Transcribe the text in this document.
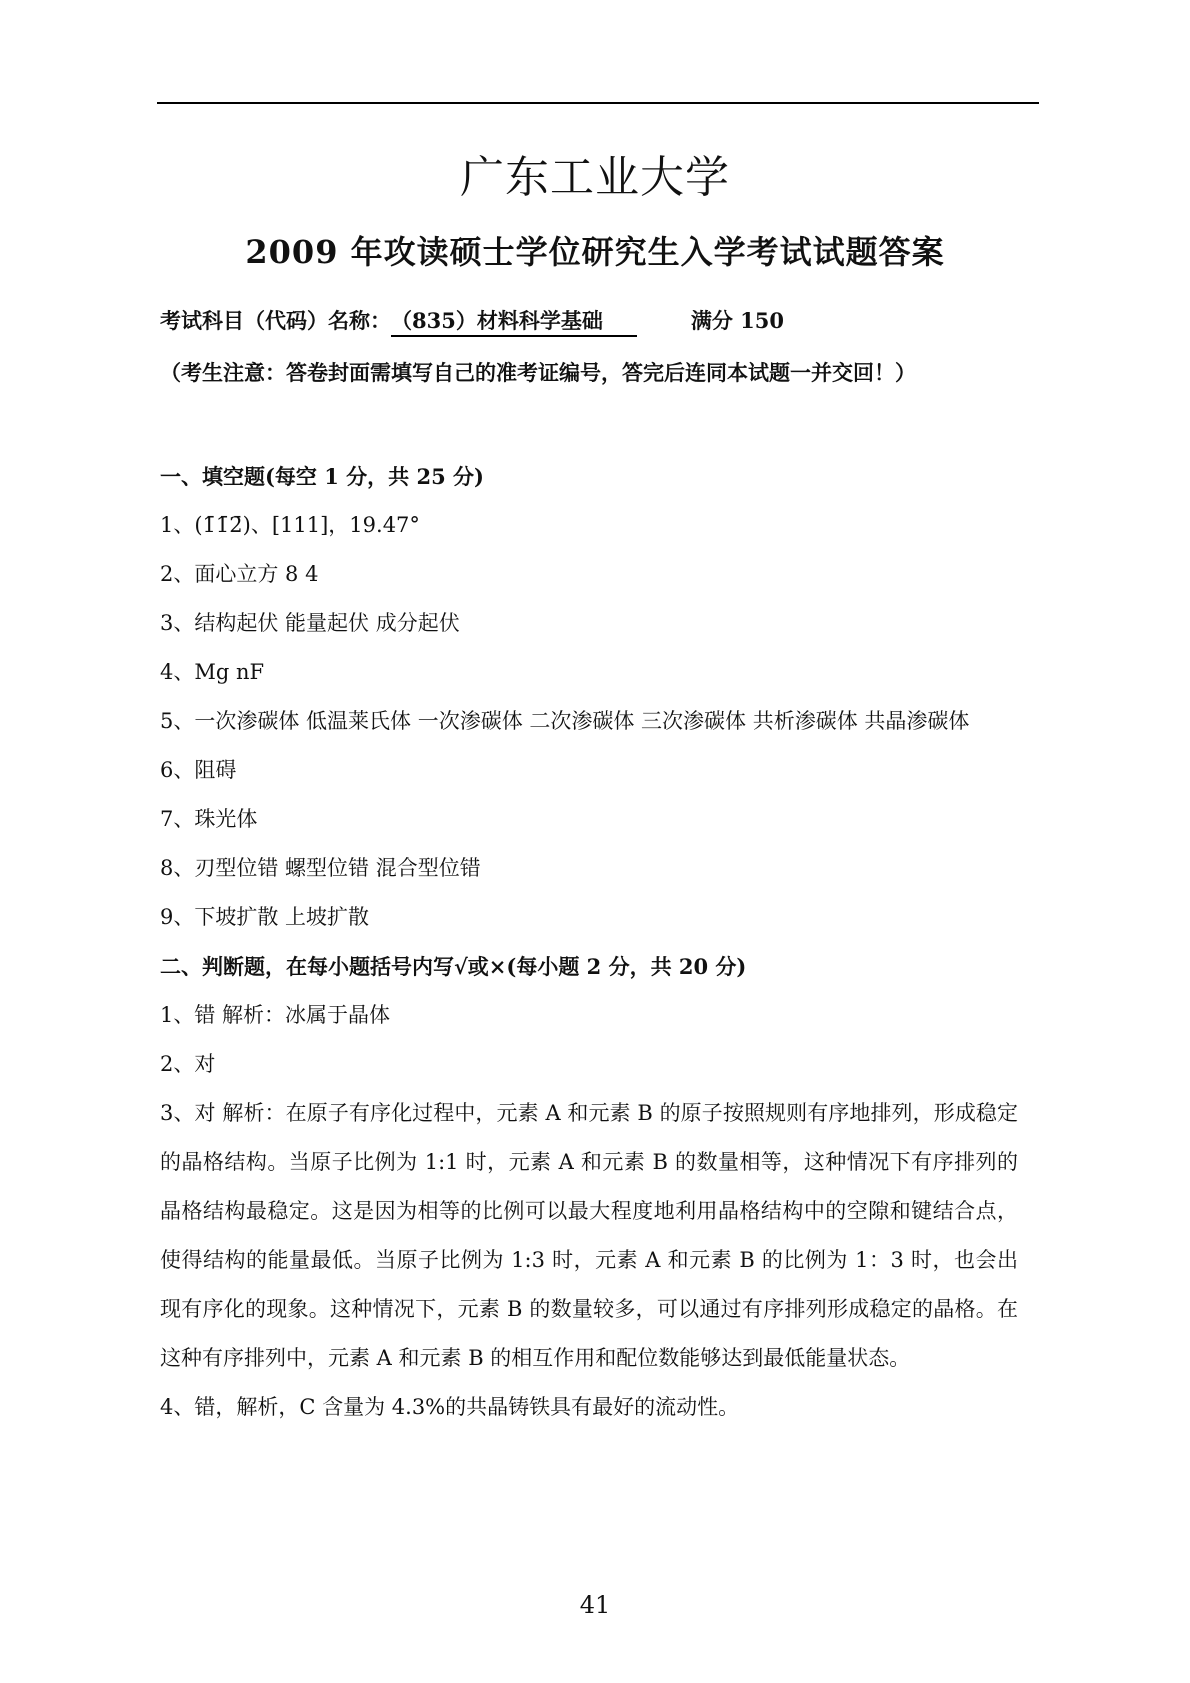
广东工业大学
2009 年攻读硕士学位研究生入学考试试题答案
考试科目（代码）名称：（835）材料科学基础	满分 150
（考生注意：答卷封面需填写自己的准考证编号，答完后连同本试题一并交回！）
一、填空题(每空 1 分，共 25 分)
1、(1̄1̄2̄)、[111]，19.47°
2、面心立方 8 4
3、结构起伏 能量起伏 成分起伏
4、Mg nF
5、一次渗碳体 低温莱氏体 一次渗碳体 二次渗碳体 三次渗碳体 共析渗碳体 共晶渗碳体
6、阻碍
7、珠光体
8、刃型位错 螺型位错 混合型位错
9、下坡扩散 上坡扩散
二、判断题，在每小题括号内写√或×(每小题 2 分，共 20 分)
1、错 解析：冰属于晶体
2、对
3、对 解析：在原子有序化过程中，元素 A 和元素 B 的原子按照规则有序地排列，形成稳定的晶格结构。当原子比例为 1:1 时，元素 A 和元素 B 的数量相等，这种情况下有序排列的晶格结构最稳定。这是因为相等的比例可以最大程度地利用晶格结构中的空隙和键结合点，使得结构的能量最低。当原子比例为 1:3 时，元素 A 和元素 B 的比例为 1：3 时，也会出现有序化的现象。这种情况下，元素 B 的数量较多，可以通过有序排列形成稳定的晶格。在这种有序排列中，元素 A 和元素 B 的相互作用和配位数能够达到最低能量状态。
4、错，解析，C 含量为 4.3%的共晶铸铁具有最好的流动性。
41
